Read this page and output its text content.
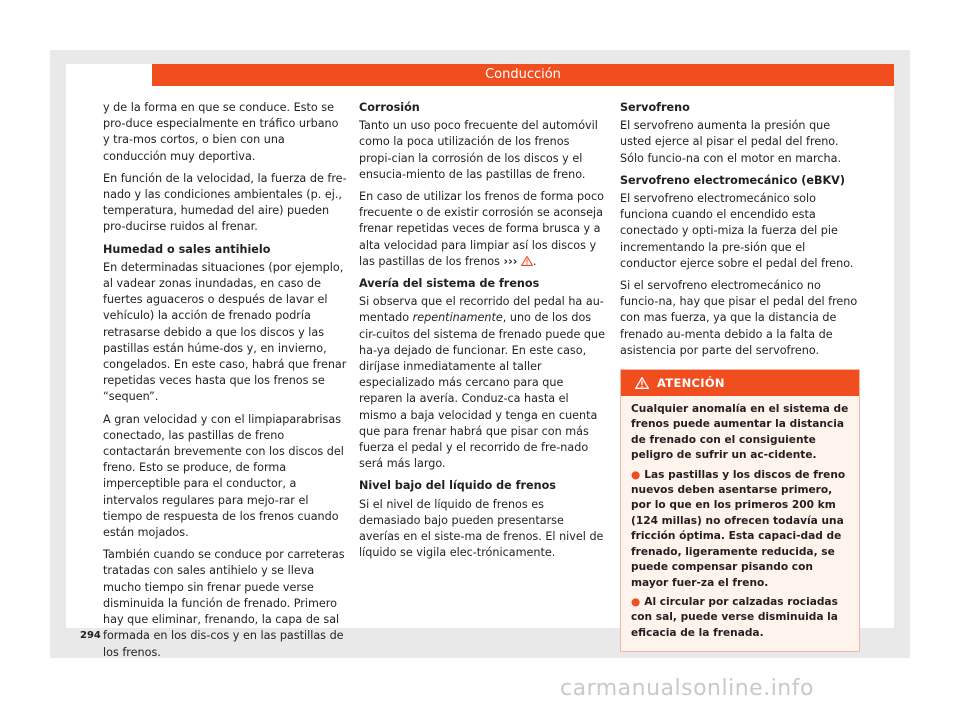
Conducción

y de la forma en que se conduce. Esto se pro-duce especialmente en tráfico urbano y tra-mos cortos, o bien con una conducción muy deportiva.

En función de la velocidad, la fuerza de fre-nado y las condiciones ambientales (p. ej., temperatura, humedad del aire) pueden pro-ducirse ruidos al frenar.

Humedad o sales antihielo

En determinadas situaciones (por ejemplo, al vadear zonas inundadas, en caso de fuertes aguaceros o después de lavar el vehículo) la acción de frenado podría retrasarse debido a que los discos y las pastillas están húme-dos y, en invierno, congelados. En este caso, habrá que frenar repetidas veces hasta que los frenos se “sequen”.

A gran velocidad y con el limpiaparabrisas conectado, las pastillas de freno contactarán brevemente con los discos del freno. Esto se produce, de forma imperceptible para el conductor, a intervalos regulares para mejo-rar el tiempo de respuesta de los frenos cuando están mojados.

También cuando se conduce por carreteras tratadas con sales antihielo y se lleva mucho tiempo sin frenar puede verse disminuida la función de frenado. Primero hay que eliminar, frenando, la capa de sal formada en los dis-cos y en las pastillas de los frenos.

Corrosión

Tanto un uso poco frecuente del automóvil como la poca utilización de los frenos propi-cian la corrosión de los discos y el ensucia-miento de las pastillas de freno.

En caso de utilizar los frenos de forma poco frecuente o de existir corrosión se aconseja frenar repetidas veces de forma brusca y a alta velocidad para limpiar así los discos y las pastillas de los frenos ››› .

Avería del sistema de frenos

Si observa que el recorrido del pedal ha au-mentado repentinamente, uno de los dos cir-cuitos del sistema de frenado puede que ha-ya dejado de funcionar. En este caso, diríjase inmediatamente al taller especializado más cercano para que reparen la avería. Conduz-ca hasta el mismo a baja velocidad y tenga en cuenta que para frenar habrá que pisar con más fuerza el pedal y el recorrido de fre-nado será más largo.

Nivel bajo del líquido de frenos

Si el nivel de líquido de frenos es demasiado bajo pueden presentarse averías en el siste-ma de frenos. El nivel de líquido se vigila elec-trónicamente.

Servofreno

El servofreno aumenta la presión que usted ejerce al pisar el pedal del freno. Sólo funcio-na con el motor en marcha.

Servofreno electromecánico (eBKV)

El servofreno electromecánico solo funciona cuando el encendido esta conectado y opti-miza la fuerza del pie incrementando la pre-sión que el conductor ejerce sobre el pedal del freno.

Si el servofreno electromecánico no funcio-na, hay que pisar el pedal del freno con mas fuerza, ya que la distancia de frenado au-menta debido a la falta de asistencia por parte del servofreno.

ATENCIÓN

Cualquier anomalía en el sistema de frenos puede aumentar la distancia de frenado con el consiguiente peligro de sufrir un ac-cidente.

● Las pastillas y los discos de freno nuevos deben asentarse primero, por lo que en los primeros 200 km (124 millas) no ofrecen todavía una fricción óptima. Esta capaci-dad de frenado, ligeramente reducida, se puede compensar pisando con mayor fuer-za el freno.

● Al circular por calzadas rociadas con sal, puede verse disminuida la eficacia de la frenada.

294
carmanualsonline.info
